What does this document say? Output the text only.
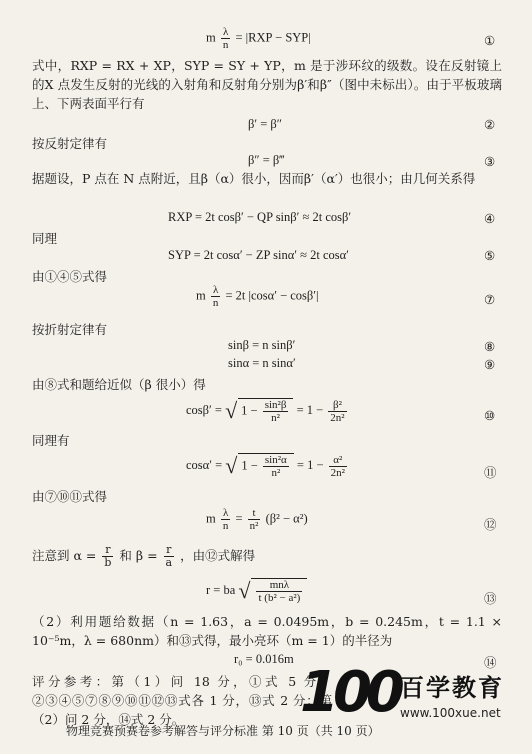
m $\frac{\lambda}{n} = |RXP - SYP|$	①
式中，RXP = RX + XP，SYP = SY + YP，m 是于涉环纹的级数。设在反射镜上的X 点发生反射的光线的入射角和反射角分别为β′和β″（图中未标出）。由于平板玻璃上、下两表面平行有
β′ = β″	②
按反射定律有
β″ = β‴	③
据题设，P 点在 N 点附近，且β（α）很小，因而β′（α′）也很小；由几何关系得
RXP = 2t cosβ′ − QP sinβ′ ≈ 2t cosβ′	④
同理
SYP = 2t cosα′ − ZP sinα′ ≈ 2t cosα′	⑤
由①④⑤式得
m $\frac{\lambda}{n} = 2t$ |cosα′ − cosβ′|	⑦
按折射定律有
sinβ = n sinβ′	⑧
sinα = n sinα′	⑨
由⑧式和题给近似（β 很小）得
cosβ′ = √ $1 - \frac{\text{sin²β}}{\text{n²}} = 1 - \frac{\text{β²}}{\text{2n²}}$	⑩
同理有
cosα′ = √ $1 - \frac{\text{sin²α}}{\text{n²}} = 1 - \frac{\text{α²}}{\text{2n²}}$	⑪
由⑦⑩⑪式得
m $\frac{\lambda}{n} = \frac{t}{\text{n²}} (\beta^2 - \alpha^2)$	⑫
注意到 $\alpha = \frac{r}{b}$ 和 $\beta = \frac{r}{a}$ ，由⑫式解得
r = ba √ $\frac{\text{mnλ}}{\text{t (b² − a²)}}$	⑬
（2）利用题给数据（n = 1.63，a = 0.0495m，b = 0.245m，t = 1.1 × 10⁻⁵m，λ = 680nm）和⑬式得，最小亮环（m = 1）的半径为
r₀ = 0.016m	⑭
评分参考：第（1）问 18 分，①式 5 分，②③④⑤⑦⑧⑨⑩⑪⑫⑬式各 1 分，⑬式 2 分；第（2）问 2 分，⑭式 2 分。
物理竞赛预赛卷参考解答与评分标准 第 10 页（共 10 页）
100 百学教育
www.100xue.net
